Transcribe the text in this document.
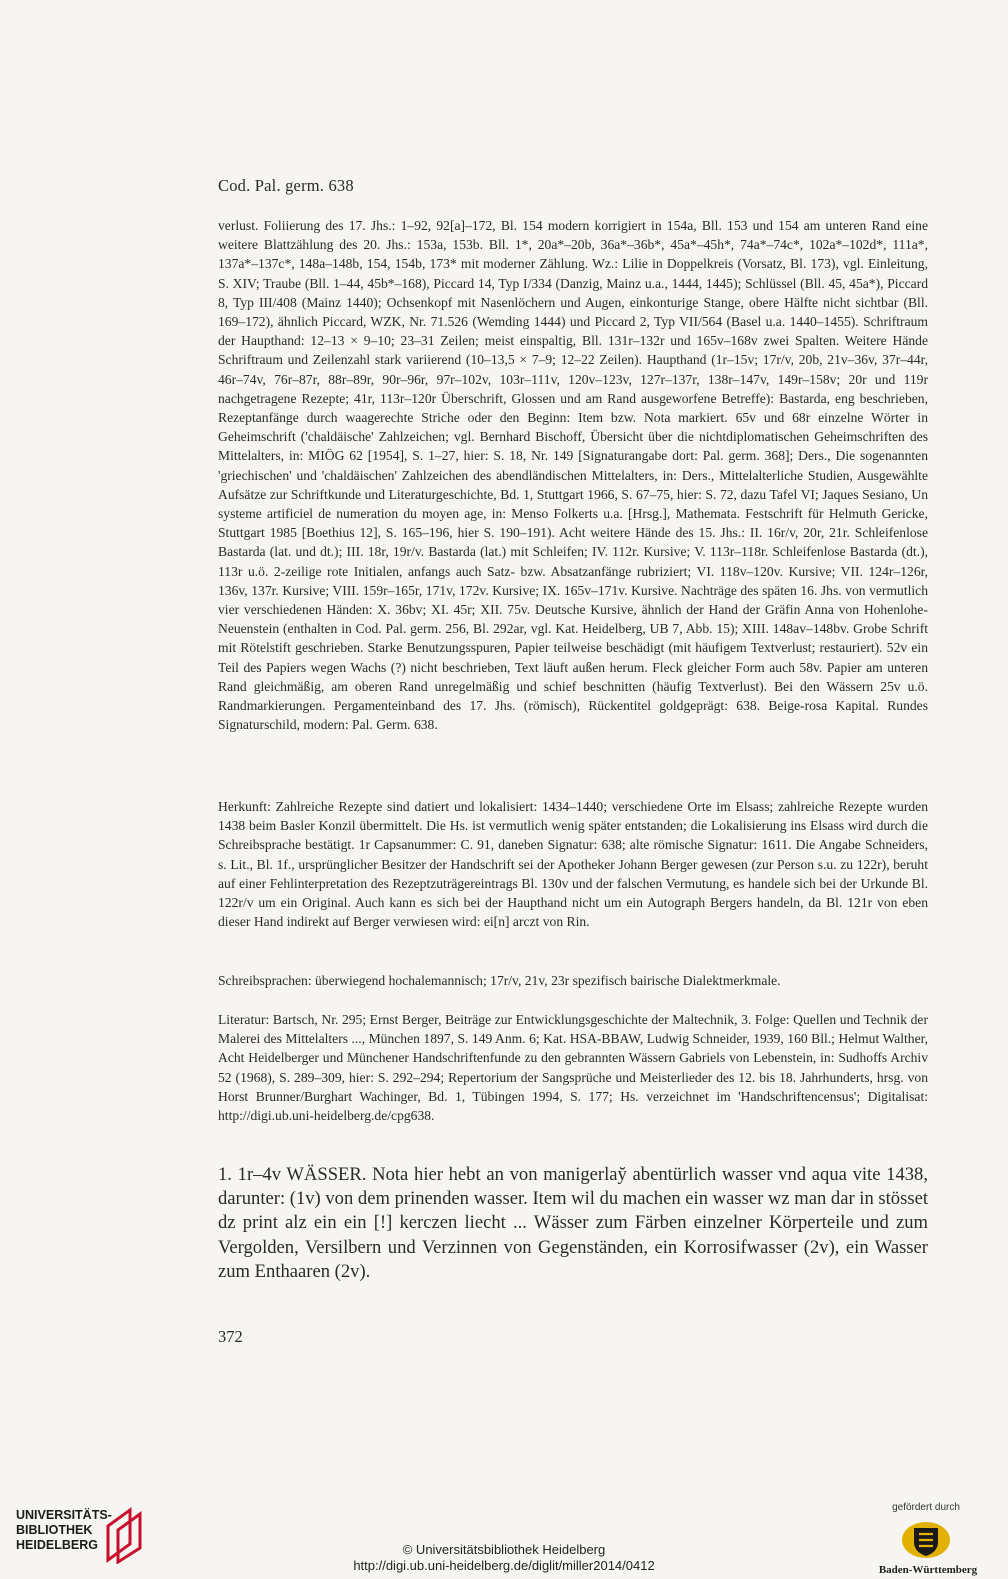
Cod. Pal. germ. 638

verlust. Foliierung des 17. Jhs.: 1–92, 92[a]–172, Bl. 154 modern korrigiert in 154a, Bll. 153 und 154 am unteren Rand eine weitere Blattzählung des 20. Jhs.: 153a, 153b. Bll. 1*, 20a*–20b, 36a*–36b*, 45a*–45h*, 74a*–74c*, 102a*–102d*, 111a*, 137a*–137c*, 148a–148b, 154, 154b, 173* mit moderner Zählung. Wz.: Lilie in Doppelkreis (Vorsatz, Bl. 173), vgl. Einleitung, S. XIV; Traube (Bll. 1–44, 45b*–168), Piccard 14, Typ I/334 (Danzig, Mainz u.a., 1444, 1445); Schlüssel (Bll. 45, 45a*), Piccard 8, Typ III/408 (Mainz 1440); Ochsenkopf mit Nasenlöchern und Augen, einkonturige Stange, obere Hälfte nicht sichtbar (Bll. 169–172), ähnlich Piccard, WZK, Nr. 71.526 (Wemding 1444) und Piccard 2, Typ VII/564 (Basel u.a. 1440–1455). Schriftraum der Haupthand: 12–13 × 9–10; 23–31 Zeilen; meist einspaltig, Bll. 131r–132r und 165v–168v zwei Spalten. Weitere Hände Schriftraum und Zeilenzahl stark variierend (10–13,5 × 7–9; 12–22 Zeilen). Haupthand (1r–15v; 17r/v, 20b, 21v–36v, 37r–44r, 46r–74v, 76r–87r, 88r–89r, 90r–96r, 97r–102v, 103r–111v, 120v–123v, 127r–137r, 138r–147v, 149r–158v; 20r und 119r nachgetragene Rezepte; 41r, 113r–120r Überschrift, Glossen und am Rand ausgeworfene Betreffe): Bastarda, eng beschrieben, Rezeptanfänge durch waagerechte Striche oder den Beginn: Item bzw. Nota markiert. 65v und 68r einzelne Wörter in Geheimschrift ('chaldäische' Zahlzeichen; vgl. Bernhard Bischoff, Übersicht über die nichtdiplomatischen Geheimschriften des Mittelalters, in: MIÖG 62 [1954], S. 1–27, hier: S. 18, Nr. 149 [Signaturangabe dort: Pal. germ. 368]; Ders., Die sogenannten 'griechischen' und 'chaldäischen' Zahlzeichen des abendländischen Mittelalters, in: Ders., Mittelalterliche Studien, Ausgewählte Aufsätze zur Schriftkunde und Literaturgeschichte, Bd. 1, Stuttgart 1966, S. 67–75, hier: S. 72, dazu Tafel VI; Jaques Sesiano, Un systeme artificiel de numeration du moyen age, in: Menso Folkerts u.a. [Hrsg.], Mathemata. Festschrift für Helmuth Gericke, Stuttgart 1985 [Boethius 12], S. 165–196, hier S. 190–191). Acht weitere Hände des 15. Jhs.: II. 16r/v, 20r, 21r. Schleifenlose Bastarda (lat. und dt.); III. 18r, 19r/v. Bastarda (lat.) mit Schleifen; IV. 112r. Kursive; V. 113r–118r. Schleifenlose Bastarda (dt.), 113r u.ö. 2-zeilige rote Initialen, anfangs auch Satz- bzw. Absatzanfänge rubriziert; VI. 118v–120v. Kursive; VII. 124r–126r, 136v, 137r. Kursive; VIII. 159r–165r, 171v, 172v. Kursive; IX. 165v–171v. Kursive. Nachträge des späten 16. Jhs. von vermutlich vier verschiedenen Händen: X. 36bv; XI. 45r; XII. 75v. Deutsche Kursive, ähnlich der Hand der Gräfin Anna von Hohenlohe-Neuenstein (enthalten in Cod. Pal. germ. 256, Bl. 292ar, vgl. Kat. Heidelberg, UB 7, Abb. 15); XIII. 148av–148bv. Grobe Schrift mit Rötelstift geschrieben. Starke Benutzungsspuren, Papier teilweise beschädigt (mit häufigem Textverlust; restauriert). 52v ein Teil des Papiers wegen Wachs (?) nicht beschrieben, Text läuft außen herum. Fleck gleicher Form auch 58v. Papier am unteren Rand gleichmäßig, am oberen Rand unregelmäßig und schief beschnitten (häufig Textverlust). Bei den Wässern 25v u.ö. Randmarkierungen. Pergamenteinband des 17. Jhs. (römisch), Rückentitel goldgeprägt: 638. Beige-rosa Kapital. Rundes Signaturschild, modern: Pal. Germ. 638.

Herkunft: Zahlreiche Rezepte sind datiert und lokalisiert: 1434–1440; verschiedene Orte im Elsass; zahlreiche Rezepte wurden 1438 beim Basler Konzil übermittelt. Die Hs. ist vermutlich wenig später entstanden; die Lokalisierung ins Elsass wird durch die Schreibsprache bestätigt. 1r Capsanummer: C. 91, daneben Signatur: 638; alte römische Signatur: 1611. Die Angabe Schneiders, s. Lit., Bl. 1f., ursprünglicher Besitzer der Handschrift sei der Apotheker Johann Berger gewesen (zur Person s.u. zu 122r), beruht auf einer Fehlinterpretation des Rezeptzuträgereintrags Bl. 130v und der falschen Vermutung, es handele sich bei der Urkunde Bl. 122r/v um ein Original. Auch kann es sich bei der Haupthand nicht um ein Autograph Bergers handeln, da Bl. 121r von eben dieser Hand indirekt auf Berger verwiesen wird: ei[n] arczt von Rin.

Schreibsprachen: überwiegend hochalemannisch; 17r/v, 21v, 23r spezifisch bairische Dialektmerkmale.

Literatur: Bartsch, Nr. 295; Ernst Berger, Beiträge zur Entwicklungsgeschichte der Maltechnik, 3. Folge: Quellen und Technik der Malerei des Mittelalters ..., München 1897, S. 149 Anm. 6; Kat. HSA-BBAW, Ludwig Schneider, 1939, 160 Bll.; Helmut Walther, Acht Heidelberger und Münchener Handschriftenfunde zu den gebrannten Wässern Gabriels von Lebenstein, in: Sudhoffs Archiv 52 (1968), S. 289–309, hier: S. 292–294; Repertorium der Sangsprüche und Meisterlieder des 12. bis 18. Jahrhunderts, hrsg. von Horst Brunner/Burghart Wachinger, Bd. 1, Tübingen 1994, S. 177; Hs. verzeichnet im 'Handschriftencensus'; Digitalisat: http://digi.ub.uni-heidelberg.de/cpg638.

1. 1r–4v WÄSSER. Nota hier hebt an von manigerlay̆ abentürlich wasser vnd aqua vite 1438, darunter: (1v) von dem prinenden wasser. Item wil du machen ein wasser wz man dar in stösset dz print alz ein ein [!] kerczen liecht ... Wässer zum Färben einzelner Körperteile und zum Vergolden, Versilbern und Verzinnen von Gegenständen, ein Korrosifwasser (2v), ein Wasser zum Enthaaren (2v).

372
UNIVERSITÄTS-
BIBLIOTHEK
HEIDELBERG	© Universitätsbibliothek Heidelberg
http://digi.ub.uni-heidelberg.de/diglit/miller2014/0412
gefördert durch
Baden-Württemberg
